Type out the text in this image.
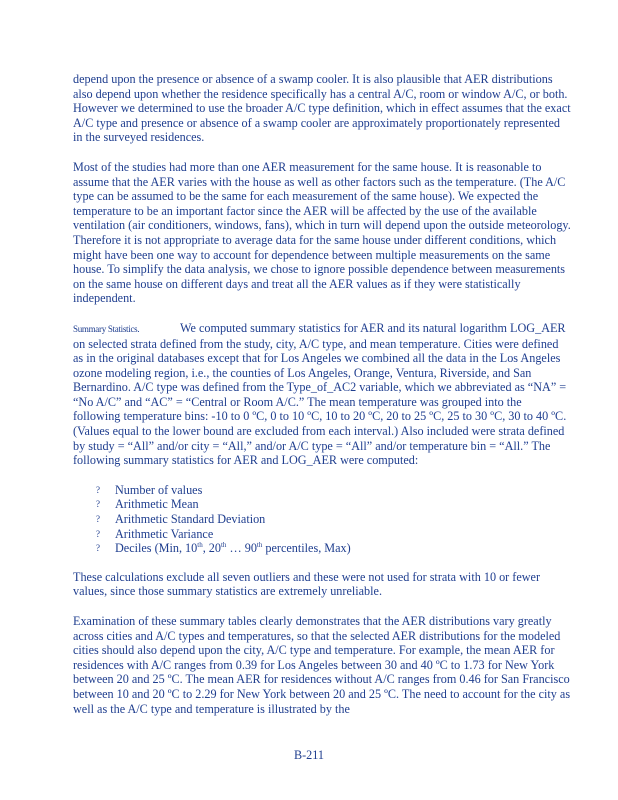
depend upon the presence or absence of a swamp cooler. It is also plausible that AER distributions also depend upon whether the residence specifically has a central A/C, room or window A/C, or both. However we determined to use the broader A/C type definition, which in effect assumes that the exact A/C type and presence or absence of a swamp cooler are approximately proportionately represented in the surveyed residences.

Most of the studies had more than one AER measurement for the same house. It is reasonable to assume that the AER varies with the house as well as other factors such as the temperature. (The A/C type can be assumed to be the same for each measurement of the same house). We expected the temperature to be an important factor since the AER will be affected by the use of the available ventilation (air conditioners, windows, fans), which in turn will depend upon the outside meteorology. Therefore it is not appropriate to average data for the same house under different conditions, which might have been one way to account for dependence between multiple measurements on the same house. To simplify the data analysis, we chose to ignore possible dependence between measurements on the same house on different days and treat all the AER values as if they were statistically independent.

Summary Statistics.	We computed summary statistics for AER and its natural logarithm LOG_AER on selected strata defined from the study, city, A/C type, and mean temperature. Cities were defined as in the original databases except that for Los Angeles we combined all the data in the Los Angeles ozone modeling region, i.e., the counties of Los Angeles, Orange, Ventura, Riverside, and San Bernardino. A/C type was defined from the Type_of_AC2 variable, which we abbreviated as “NA” = “No A/C” and “AC” = “Central or Room A/C.” The mean temperature was grouped into the following temperature bins: -10 to 0 ºC, 0 to 10 ºC, 10 to 20 ºC, 20 to 25 ºC, 25 to 30 ºC, 30 to 40 ºC.(Values equal to the lower bound are excluded from each interval.) Also included were strata defined by study = “All” and/or city = “All,” and/or A/C type = “All” and/or temperature bin = “All.” The following summary statistics for AER and LOG_AER were computed:

? Number of values
? Arithmetic Mean
? Arithmetic Standard Deviation
? Arithmetic Variance
? Deciles (Min, 10th, 20th … 90th percentiles, Max)

These calculations exclude all seven outliers and these were not used for strata with 10 or fewer values, since those summary statistics are extremely unreliable.

Examination of these summary tables clearly demonstrates that the AER distributions vary greatly across cities and A/C types and temperatures, so that the selected AER distributions for the modeled cities should also depend upon the city, A/C type and temperature. For example, the mean AER for residences with A/C ranges from 0.39 for Los Angeles between 30 and 40 ºC to 1.73 for New York between 20 and 25 ºC. The mean AER for residences without A/C ranges from 0.46 for San Francisco between 10 and 20 ºC to 2.29 for New York between 20 and 25 ºC. The need to account for the city as well as the A/C type and temperature is illustrated by the

B-211
